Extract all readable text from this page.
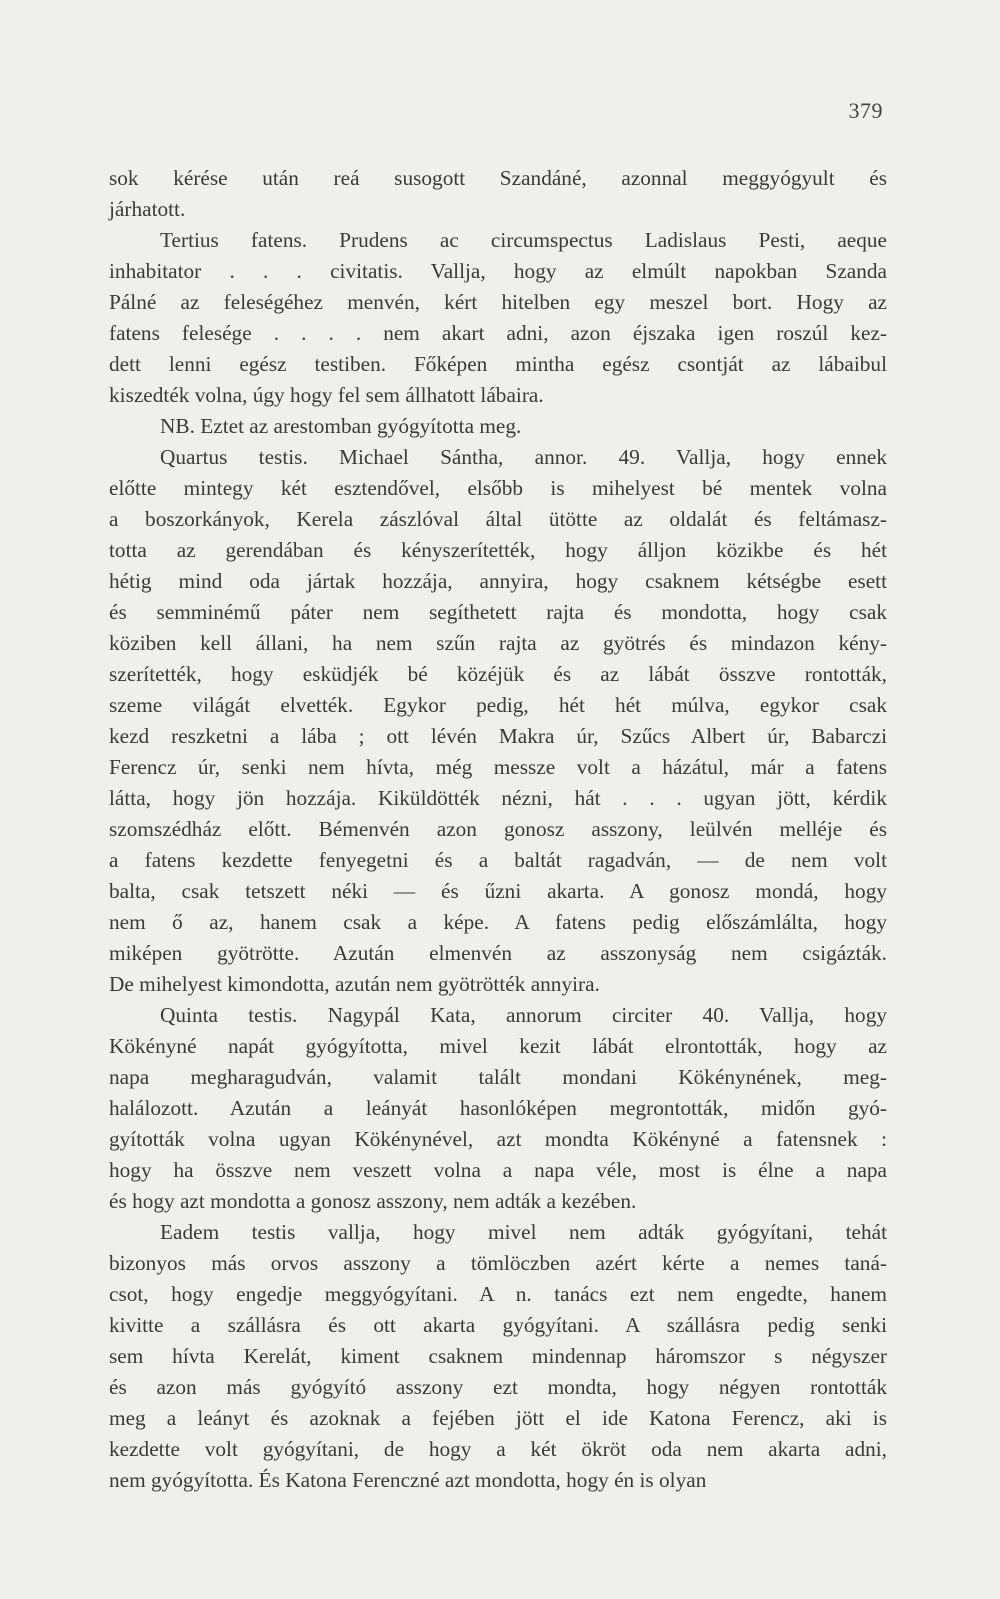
379

sok kérése után reá susogott Szandáné, azonnal meggyógyult és

járhatott.

Tertius fatens. Prudens ac circumspectus Ladislaus Pesti, aeque

inhabitator . . . civitatis. Vallja, hogy az elmúlt napokban Szanda

Pálné az feleségéhez menvén, kért hitelben egy meszel bort. Hogy az

fatens felesége . . . . nem akart adni, azon éjszaka igen roszúl kez-

dett lenni egész testiben. Főképen mintha egész csontját az lábaibul

kiszedték volna, úgy hogy fel sem állhatott lábaira.

NB. Eztet az arestomban gyógyította meg.

Quartus testis. Michael Sántha, annor. 49. Vallja, hogy ennek

előtte mintegy két esztendővel, elsőbb is mihelyest bé mentek volna

a boszorkányok, Kerela zászlóval által ütötte az oldalát és feltámasz-

totta az gerendában és kényszerítették, hogy álljon közikbe és hét

hétig mind oda jártak hozzája, annyira, hogy csaknem kétségbe esett

és semminémű páter nem segíthetett rajta és mondotta, hogy csak

köziben kell állani, ha nem szűn rajta az gyötrés és mindazon kény-

szerítették, hogy esküdjék bé közéjük és az lábát összve rontották,

szeme világát elvették. Egykor pedig, hét hét múlva, egykor csak

kezd reszketni a lába ; ott lévén Makra úr, Szűcs Albert úr, Babarczi

Ferencz úr, senki nem hívta, még messze volt a házátul, már a fatens

látta, hogy jön hozzája. Kiküldötték nézni, hát . . . ugyan jött, kérdik

szomszédház előtt. Bémenvén azon gonosz asszony, leülvén melléje és

a fatens kezdette fenyegetni és a baltát ragadván, — de nem volt

balta, csak tetszett néki — és űzni akarta. A gonosz mondá, hogy

nem ő az, hanem csak a képe. A fatens pedig előszámlálta, hogy

miképen gyötrötte. Azután elmenvén az asszonyság nem csigázták.

De mihelyest kimondotta, azután nem gyötrötték annyira.

Quinta testis. Nagypál Kata, annorum circiter 40. Vallja, hogy

Kökényné napát gyógyította, mivel kezit lábát elrontották, hogy az

napa megharagudván, valamit talált mondani Kökénynének, meg-

halálozott. Azután a leányát hasonlóképen megrontották, midőn gyó-

gyították volna ugyan Kökénynével, azt mondta Kökényné a fatensnek :

hogy ha összve nem veszett volna a napa véle, most is élne a napa

és hogy azt mondotta a gonosz asszony, nem adták a kezében.

Eadem testis vallja, hogy mivel nem adták gyógyítani, tehát

bizonyos más orvos asszony a tömlöczben azért kérte a nemes taná-

csot, hogy engedje meggyógyítani. A n. tanács ezt nem engedte, hanem

kivitte a szállásra és ott akarta gyógyítani. A szállásra pedig senki

sem hívta Kerelát, kiment csaknem mindennap háromszor s négyszer

és azon más gyógyító asszony ezt mondta, hogy négyen rontották

meg a leányt és azoknak a fejében jött el ide Katona Ferencz, aki is

kezdette volt gyógyítani, de hogy a két ökröt oda nem akarta adni,

nem gyógyította. És Katona Ferenczné azt mondotta, hogy én is olyan
